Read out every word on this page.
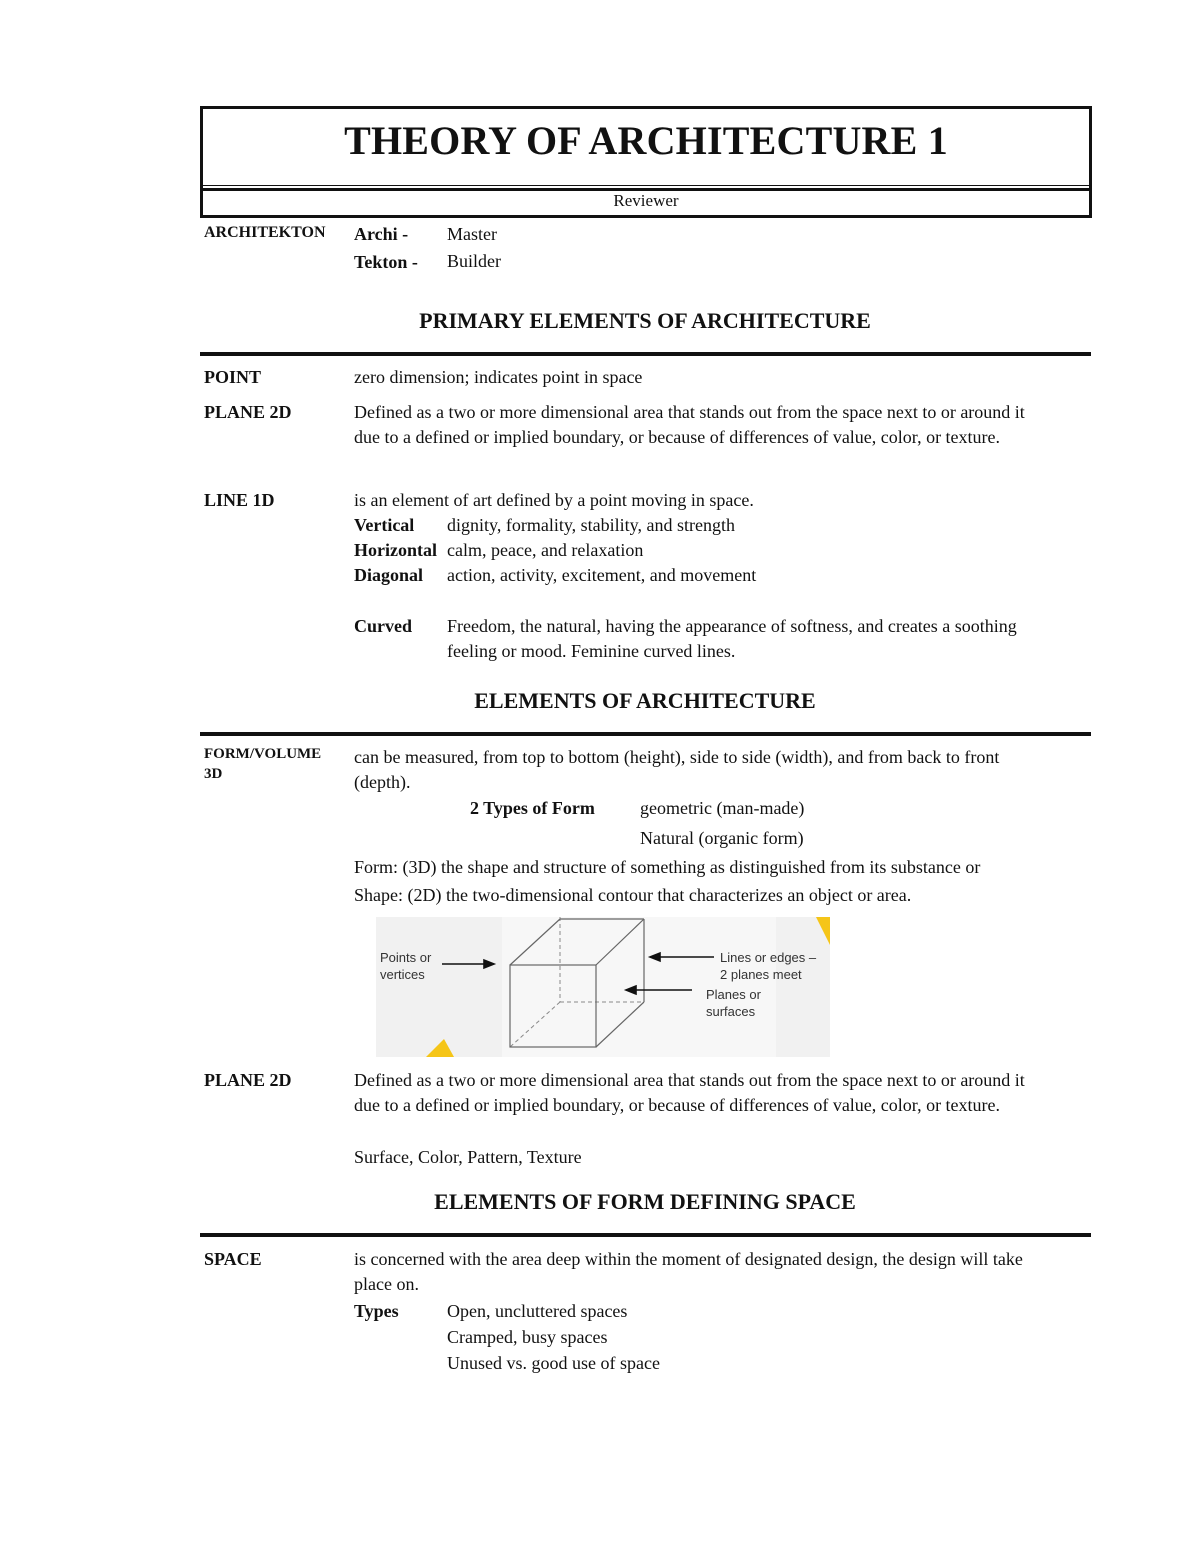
THEORY OF ARCHITECTURE 1
Reviewer
ARCHITEKTON Archi - Master
Tekton - Builder
PRIMARY ELEMENTS OF ARCHITECTURE
POINT	zero dimension; indicates point in space
PLANE 2D	Defined as a two or more dimensional area that stands out from the space next to or around it
due to a defined or implied boundary, or because of differences of value, color, or texture.
LINE 1D	is an element of art defined by a point moving in space.
Vertical dignity, formality, stability, and strength
Horizontal calm, peace, and relaxation
Diagonal action, activity, excitement, and movement
Curved Freedom, the natural, having the appearance of softness, and creates a soothing
feeling or mood. Feminine curved lines.
ELEMENTS OF ARCHITECTURE
FORM/VOLUME
3D
can be measured, from top to bottom (height), side to side (width), and from back to front
(depth).
2 Types of Form	geometric (man-made)
Natural (organic form)
Form: (3D) the shape and structure of something as distinguished from its substance or
Shape: (2D) the two-dimensional contour that characterizes an object or area.
Points or
vertices
Lines or edges –
2 planes meet
Planes or
surfaces
PLANE 2D	Defined as a two or more dimensional area that stands out from the space next to or around it
due to a defined or implied boundary, or because of differences of value, color, or texture.
Surface, Color, Pattern, Texture
ELEMENTS OF FORM DEFINING SPACE
SPACE	is concerned with the area deep within the moment of designated design, the design will take
place on.
Types	Open, uncluttered spaces
Cramped, busy spaces
Unused vs. good use of space
